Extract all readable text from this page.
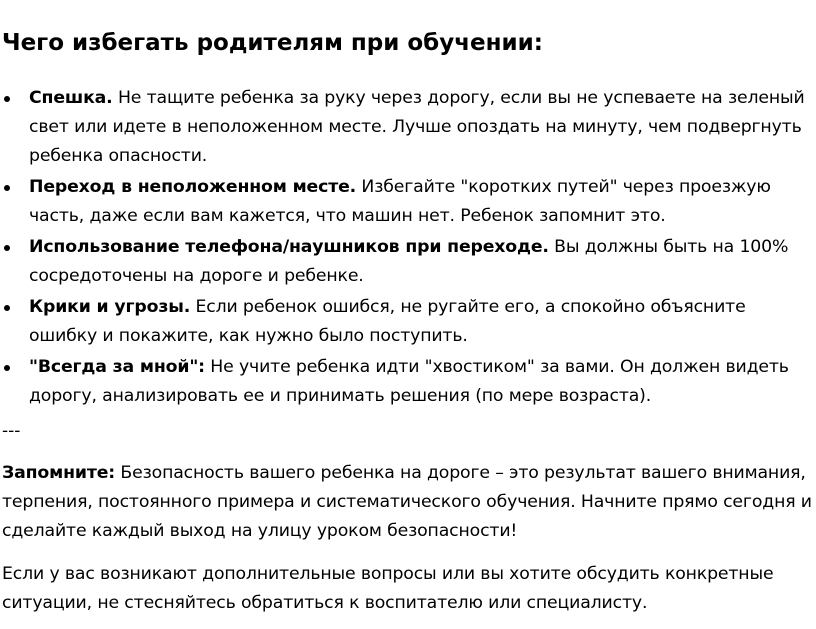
Чего избегать родителям при обучении:
Спешка. Не тащите ребенка за руку через дорогу, если вы не успеваете на зеленый свет или идете в неположенном месте. Лучше опоздать на минуту, чем подвергнуть ребенка опасности.
Переход в неположенном месте. Избегайте "коротких путей" через проезжую часть, даже если вам кажется, что машин нет. Ребенок запомнит это.
Использование телефона/наушников при переходе. Вы должны быть на 100% сосредоточены на дороге и ребенке.
Крики и угрозы. Если ребенок ошибся, не ругайте его, а спокойно объясните ошибку и покажите, как нужно было поступить.
"Всегда за мной": Не учите ребенка идти "хвостиком" за вами. Он должен видеть дорогу, анализировать ее и принимать решения (по мере возраста).

---

Запомните: Безопасность вашего ребенка на дороге – это результат вашего внимания, терпения, постоянного примера и систематического обучения. Начните прямо сегодня и сделайте каждый выход на улицу уроком безопасности!

Если у вас возникают дополнительные вопросы или вы хотите обсудить конкретные ситуации, не стесняйтесь обратиться к воспитателю или специалисту.
